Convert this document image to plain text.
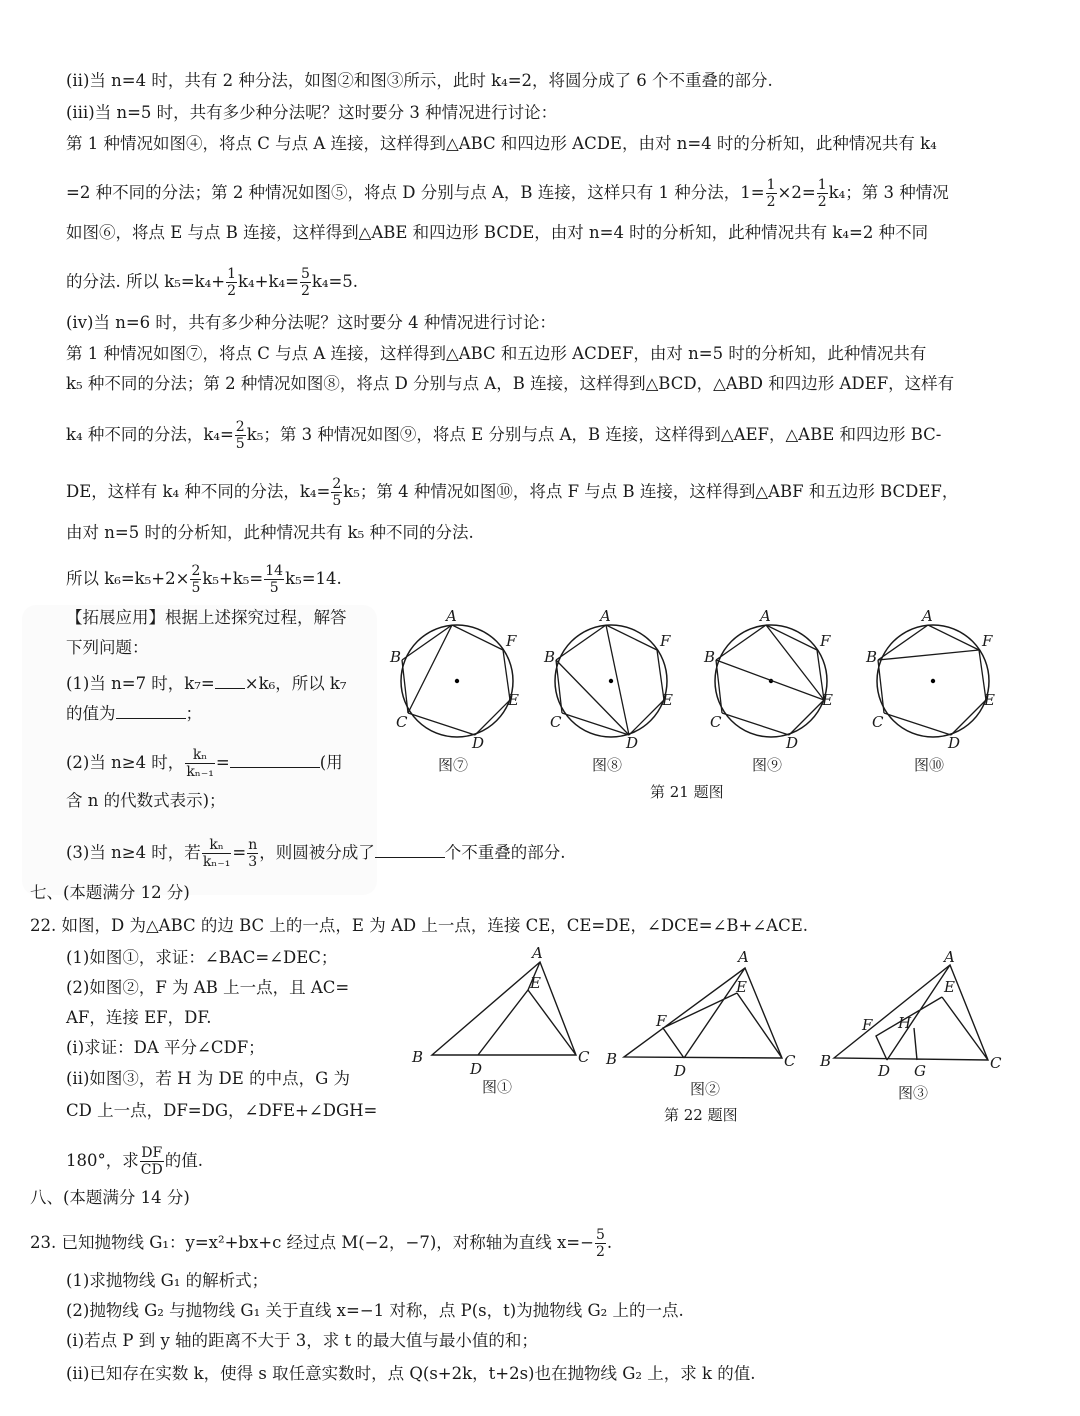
(ⅱ)当 n=4 时，共有 2 种分法，如图②和图③所示，此时 k₄=2，将圆分成了 6 个不重叠的部分.
(ⅲ)当 n=5 时，共有多少种分法呢？这时要分 3 种情况进行讨论：
第 1 种情况如图④，将点 C 与点 A 连接，这样得到△ABC 和四边形 ACDE，由对 n=4 时的分析知，此种情况共有 k₄
=2 种不同的分法；第 2 种情况如图⑤，将点 D 分别与点 A，B 连接，这样只有 1 种分法，$1= \frac{1}{2} \times 2= \frac{1}{2} k_4$；第 3 种情况
如图⑥，将点 E 与点 B 连接，这样得到△ABE 和四边形 BCDE，由对 n=4 时的分析知，此种情况共有 k₄=2 种不同
的分法. 所以 $k_5=k_4+ \frac{1}{2} k_4+k_4= \frac{5}{2} k_4=5$.
(ⅳ)当 n=6 时，共有多少种分法呢？这时要分 4 种情况进行讨论：
第 1 种情况如图⑦，将点 C 与点 A 连接，这样得到△ABC 和五边形 ACDEF，由对 n=5 时的分析知，此种情况共有
k₅ 种不同的分法；第 2 种情况如图⑧，将点 D 分别与点 A，B 连接，这样得到△BCD，△ABD 和四边形 ADEF，这样有
k₄ 种不同的分法，$k_4= \frac{2}{5} k_5$；第 3 种情况如图⑨，将点 E 分别与点 A，B 连接，这样得到△AEF，△ABE 和四边形 BC-
DE，这样有 k₄ 种不同的分法，$k_4= \frac{2}{5} k_5$；第 4 种情况如图⑩，将点 F 与点 B 连接，这样得到△ABF 和五边形 BCDEF，
由对 n=5 时的分析知，此种情况共有 k₅ 种不同的分法.
所以 $k_6=k_5+2\times \frac{2}{5} k_5+k_5= \frac{14}{5} k_5=14$.
【拓展应用】根据上述探究过程，解答
下列问题：
(1)当 n=7 时，k₇= ×k₆，所以 k₇
的值为	；
(2)当 n≥4 时， $\frac{\text{kₙ}}{\text{kₙ₋₁}}$ =	(用
含 n 的代数式表示)；
(3)当 n≥4 时，若 $\frac{\text{kₙ}}{\text{kₙ₋₁}} = \frac{n}{3}$ ，则圆被分成了	个不重叠的部分.
七、(本题满分 12 分)
22. 如图，D 为△ABC 的边 BC 上的一点，E 为 AD 上一点，连接 CE，CE=DE，∠DCE=∠B+∠ACE.
(1)如图①，求证：∠BAC=∠DEC；
(2)如图②，F 为 AB 上一点，且 AC=
AF，连接 EF，DF.
(ⅰ)求证：DA 平分∠CDF；
(ⅱ)如图③，若 H 为 DE 的中点，G 为
CD 上一点，DF=DG，∠DFE+∠DGH=
180°，求 $\frac{DF}{CD}$ 的值.
八、(本题满分 14 分)
23. 已知抛物线 G₁：y=x²+bx+c 经过点 M(−2，−7)，对称轴为直线 $x=- \frac{5}{2}$ .
(1)求抛物线 G₁ 的解析式；
(2)抛物线 G₂ 与抛物线 G₁ 关于直线 x=−1 对称，点 P(s，t)为抛物线 G₂ 上的一点.
(ⅰ)若点 P 到 y 轴的距离不大于 3，求 t 的最大值与最小值的和；
(ⅱ)已知存在实数 k，使得 s 取任意实数时，点 Q(s+2k，t+2s)也在抛物线 G₂ 上，求 k 的值.
A
B
C
D
E
F
图⑦
A
B
C
D
E
F
图⑧
A
B
C
D
E
F
图⑨
A
B
C
D
E
F
图⑩
第 21 题图
A
B	C
D
E
图①
A
B	C
D
E
F
图②
第 22 题图
A
B	C
D
E
F
G
H
图③
